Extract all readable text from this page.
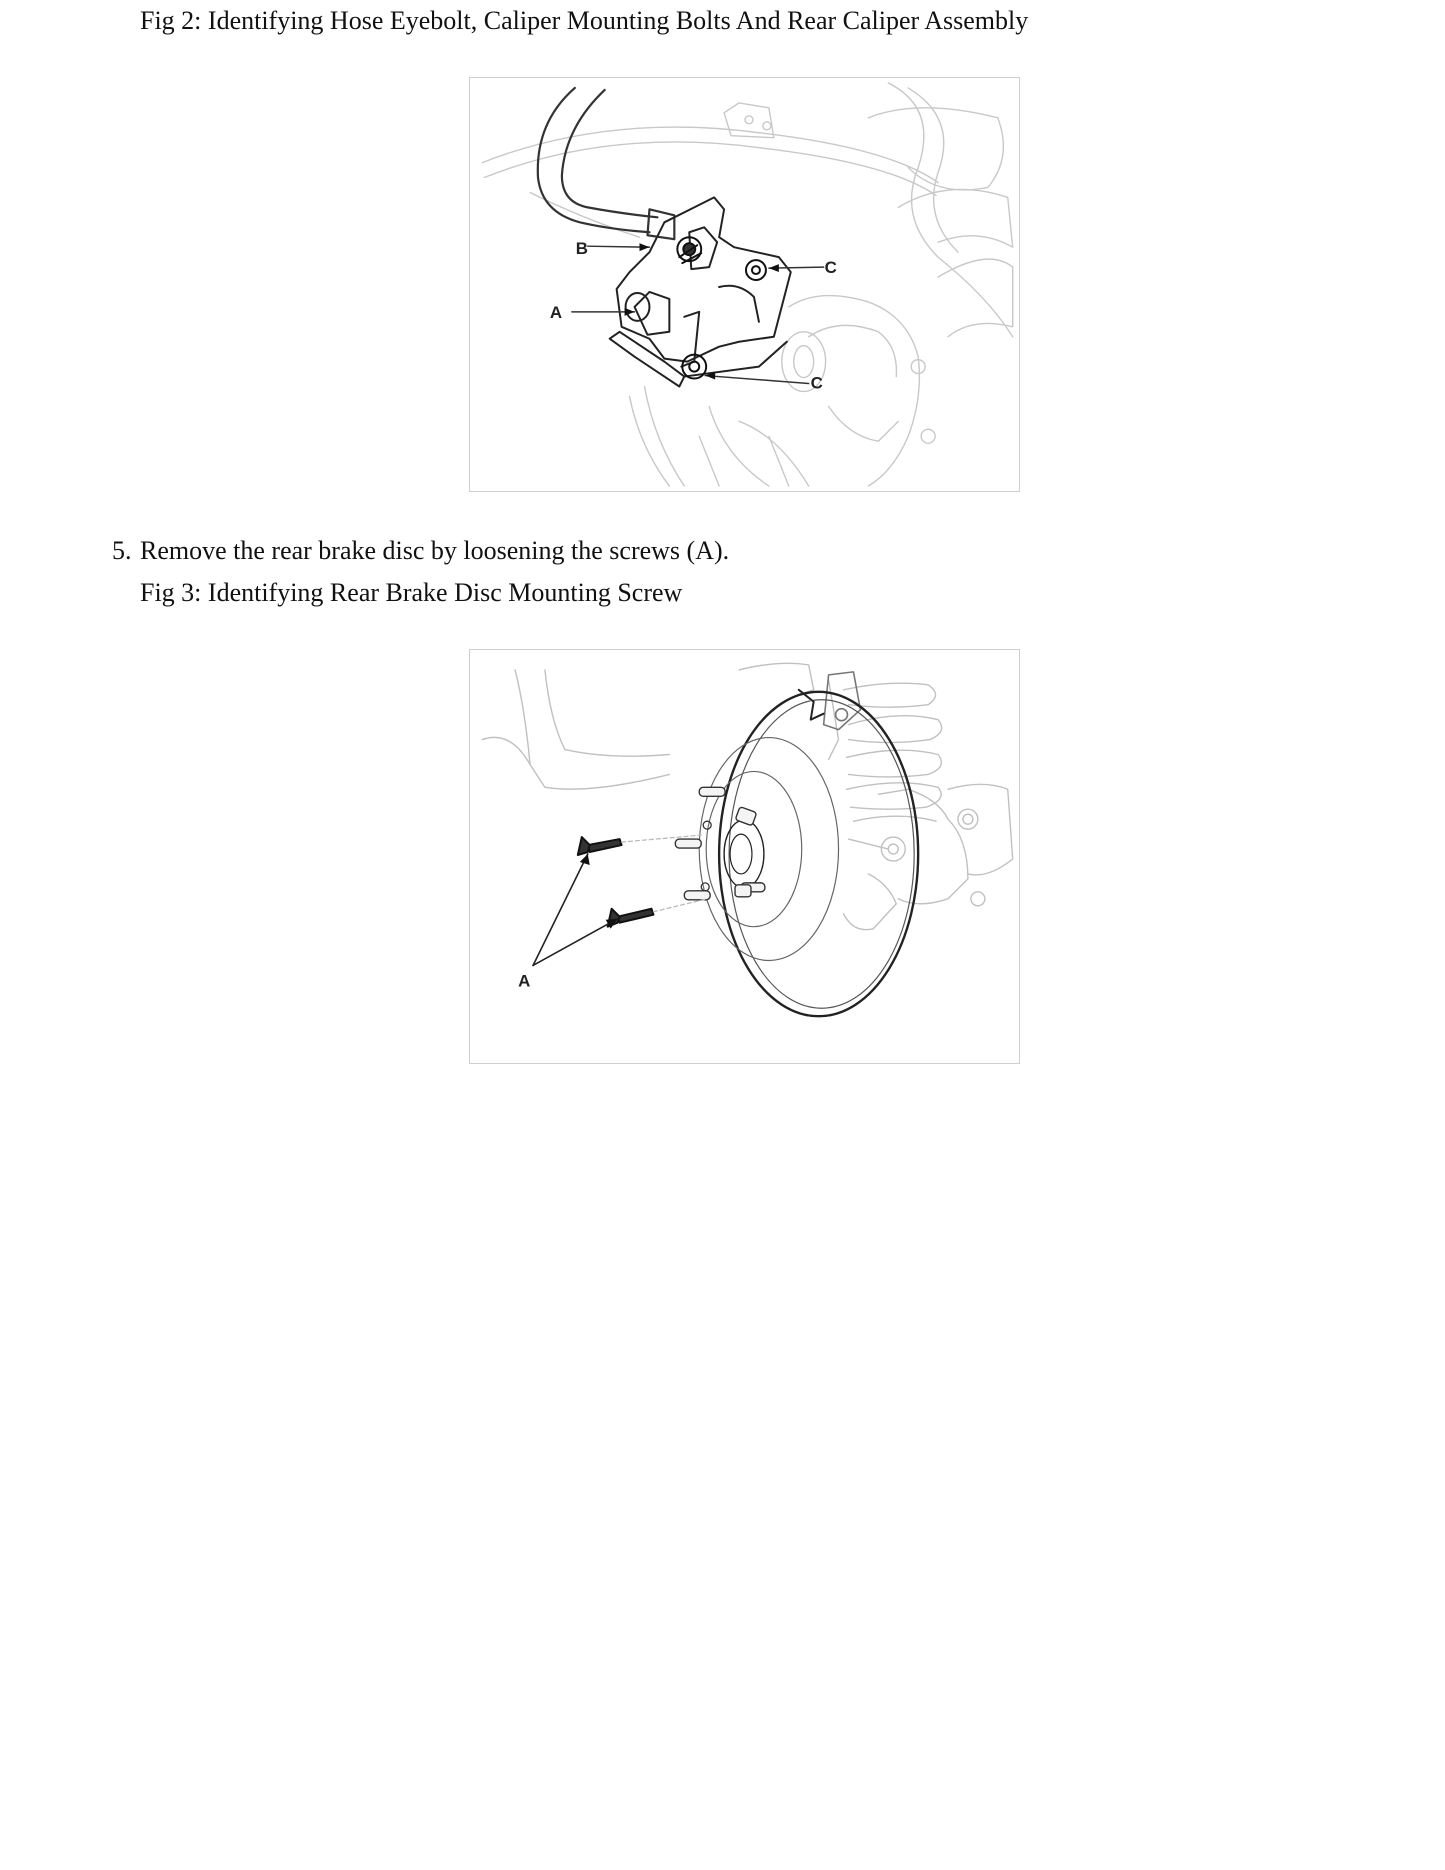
Fig 2: Identifying Hose Eyebolt, Caliper Mounting Bolts And Rear Caliper Assembly
B
A
C
C
5. Remove the rear brake disc by loosening the screws (A).
Fig 3: Identifying Rear Brake Disc Mounting Screw
A
